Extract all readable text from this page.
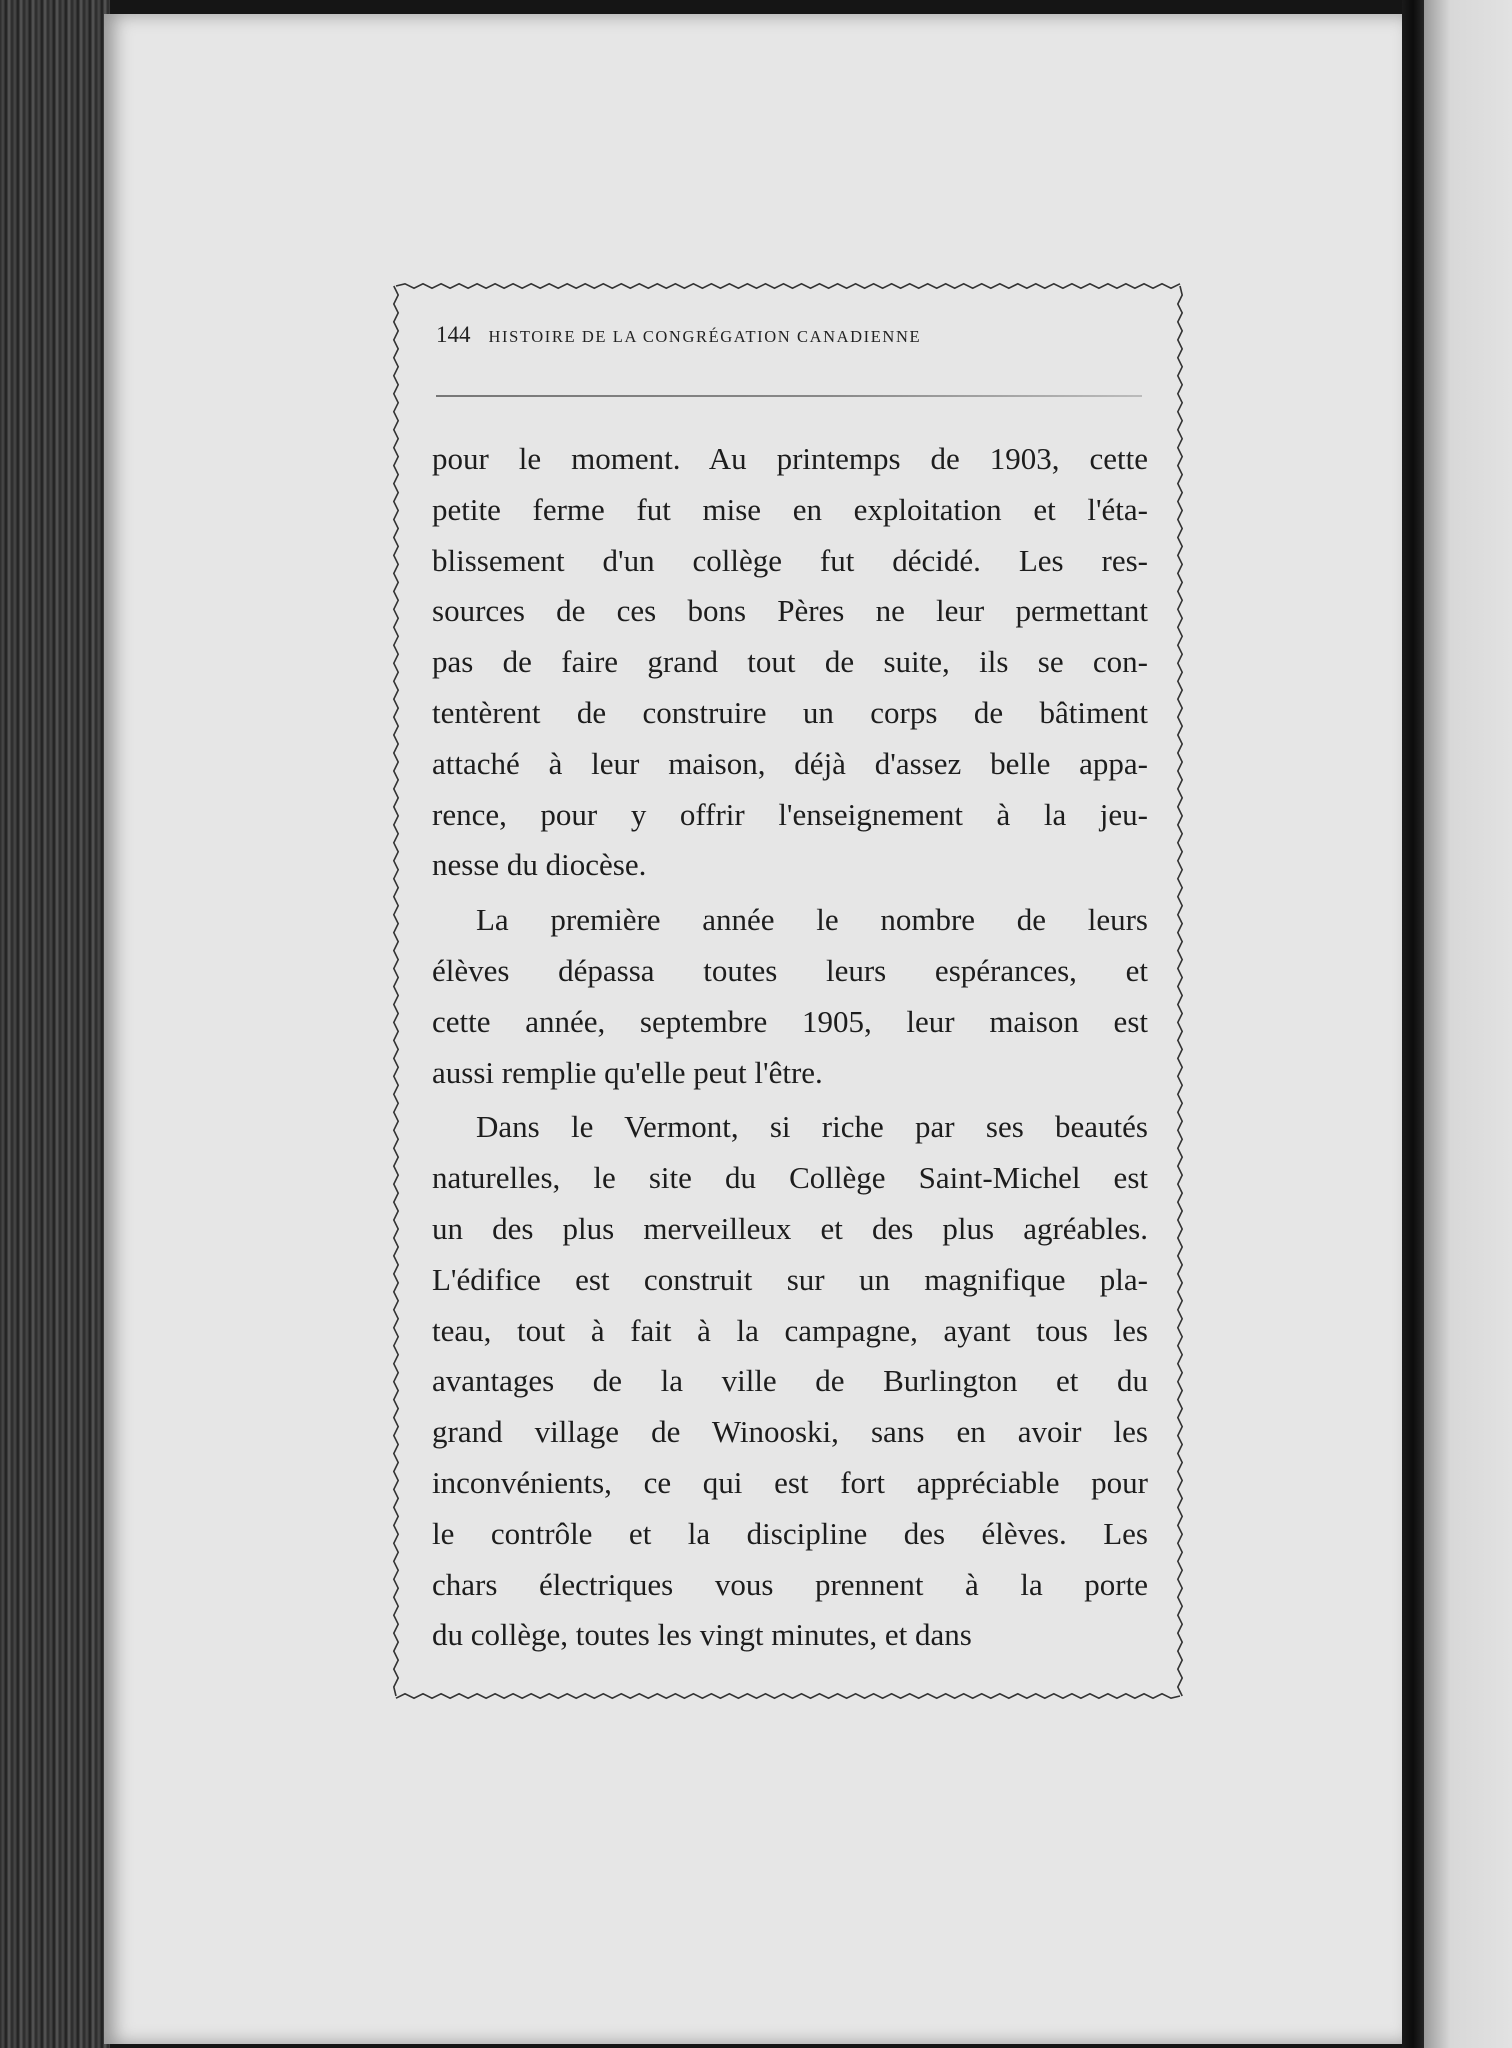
144 HISTOIRE DE LA CONGRÉGATION CANADIENNE
pour le moment. Au printemps de 1903, cette
petite ferme fut mise en exploitation et l'éta-
blissement d'un collège fut décidé. Les res-
sources de ces bons Pères ne leur permettant
pas de faire grand tout de suite, ils se con-
tentèrent de construire un corps de bâtiment
attaché à leur maison, déjà d'assez belle appa-
rence, pour y offrir l'enseignement à la jeu-
nesse du diocèse.
La première année le nombre de leurs
élèves dépassa toutes leurs espérances, et
cette année, septembre 1905, leur maison est
aussi remplie qu'elle peut l'être.
Dans le Vermont, si riche par ses beautés
naturelles, le site du Collège Saint-Michel est
un des plus merveilleux et des plus agréables.
L'édifice est construit sur un magnifique pla-
teau, tout à fait à la campagne, ayant tous les
avantages de la ville de Burlington et du
grand village de Winooski, sans en avoir les
inconvénients, ce qui est fort appréciable pour
le contrôle et la discipline des élèves. Les
chars électriques vous prennent à la porte
du collège, toutes les vingt minutes, et dans
